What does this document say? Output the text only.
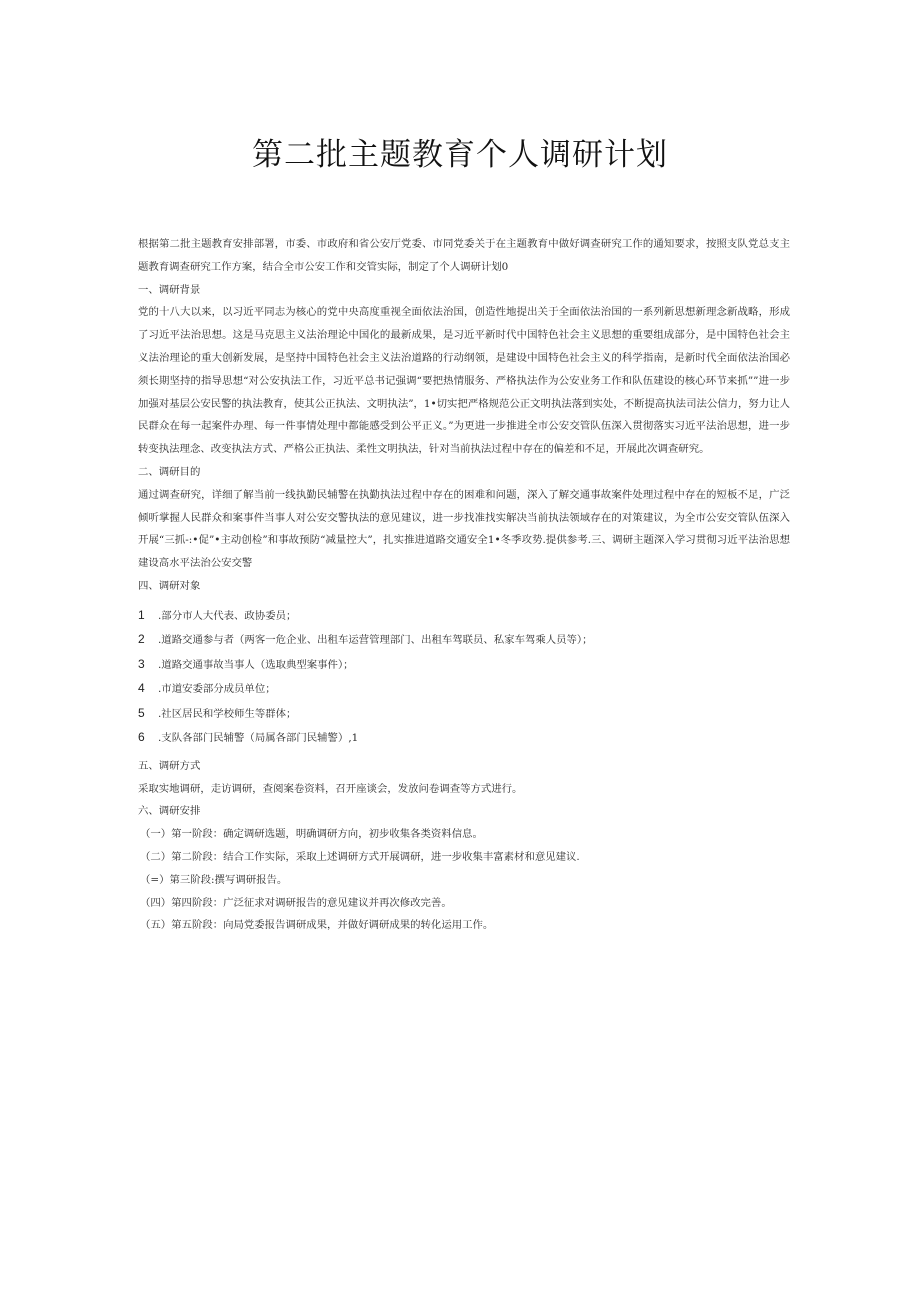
第二批主题教育个人调研计划

根据第二批主题教育安排部署，市委、市政府和省公安厅党委、市同党委关于在主题教育中做好调查研究工作的通知要求，按照支队党总支主题教育调查研究工作方案，结合全市公安工作和交管实际，制定了个人调研计划0

一、调研背景

党的十八大以来，以习近平同志为核心的党中央高度重视全面依法治国，创造性地提出关于全面依法治国的一系列新思想新理念新战略，形成了习近平法治思想。这是马克思主义法治理论中国化的最新成果，是习近平新时代中国特色社会主义思想的重要组成部分，是中国特色社会主义法治理论的重大创新发展，是坚持中国特色社会主义法治道路的行动纲领，是建设中国特色社会主义的科学指南，是新时代全面依法治国必须长期坚持的指导思想“对公安执法工作，习近平总书记强调“要把热情服务、严格执法作为公安业务工作和队伍建设的核心环节来抓””进一步加强对基层公安民警的执法教育，使其公正执法、文明执法”，1•切实把严格规范公正文明执法落到实处，不断提高执法司法公信力，努力让人民群众在每一起案件办理、每一件事情处理中都能感受到公平正义。”为更进一步推进全市公安交管队伍深入贯彻落实习近平法治思想，进一步转变执法理念、改变执法方式、严格公正执法、柔性文明执法，针对当前执法过程中存在的偏差和不足，开展此次调查研究。

二、调研目的

通过调查研究，详细了解当前一线执勤民辅警在执勤执法过程中存在的困难和问题，深入了解交通事故案件处理过程中存在的短板不足，广泛倾听掌握人民群众和案事件当事人对公安交警执法的意见建议，进一步找准找实解决当前执法领域存在的对策建议，为全市公安交管队伍深入开展“三抓-:•促”•主动创检”和事故预防“减量控大”，扎实推进道路交通安全1•冬季攻势.提供参考.三、调研主题深入学习贯彻习近平法治思想建设高水平法治公安交警

四、调研对象

1	.部分市人大代表、政协委员；
2	.道路交通参与者（两客一危企业、出租车运营管理部门、出租车驾联员、私家车驾乘人员等）；
3	.道路交通事故当事人（选取典型案事件）；
4	.市道安委部分成员单位；
5	.社区居民和学校师生等群体；
6	.支队各部门民辅警（局属各部门民辅警）,1

五、调研方式

采取实地调研，走访调研，查阅案卷资料，召开座谈会，发放问卷调查等方式进行。

六、调研安排

（一）第一阶段：确定调研选题，明确调研方向，初步收集各类资料信息。

（二）第二阶段：结合工作实际，采取上述调研方式开展调研，进一步收集丰富素材和意见建议.

（=）第三阶段:撰写调研报告。

（四）第四阶段：广泛征求对调研报告的意见建议并再次修改完善。

（五）第五阶段：向局党委报告调研成果，并做好调研成果的转化运用工作。
